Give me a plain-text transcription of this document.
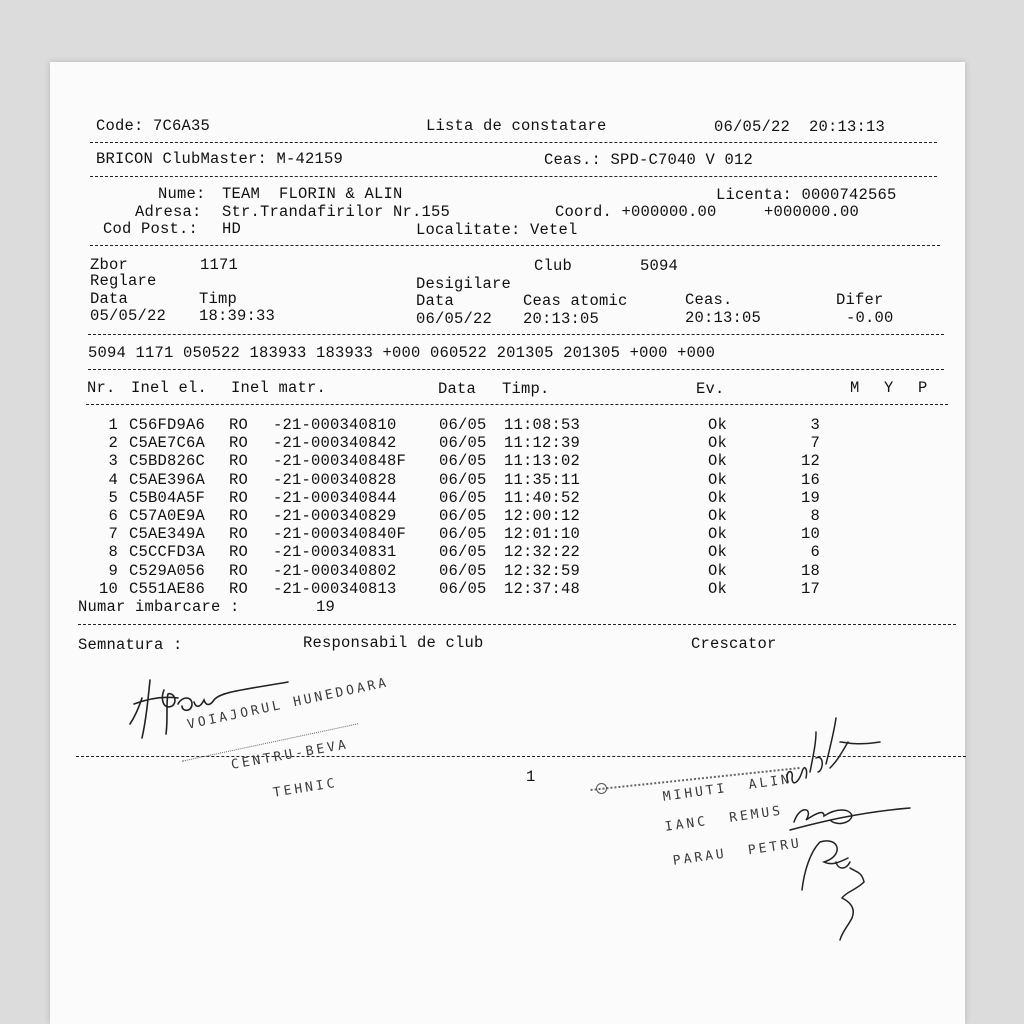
Code: 7C6A35	Lista de constatare	06/05/22  20:13:13
BRICON ClubMaster: M-42159	Ceas.: SPD-C7040 V 012
Nume: TEAM  FLORIN & ALIN	Licenta: 0000742565
Adresa: Str.Trandafirilor Nr.155	Coord. +000000.00     +000000.00
Cod Post.: HD	Localitate: Vetel
Zbor	1171	Club	5094
Reglare	Desigilare
Data	Timp	Data	Ceas atomic	Ceas.	Difer
05/05/22 18:39:33	06/05/22 20:13:05	20:13:05	-0.00
5094 1171 050522 183933 183933 +000 060522 201305 201305 +000 +000
Nr. Inel el. Inel matr.	Data Timp.	Ev.	M Y P
1 C56FD9A6 RO -21-000340810	06/05 11:08:53	Ok	3
2 C5AE7C6A RO -21-000340842	06/05 11:12:39	Ok	7
3 C5BD826C RO -21-000340848F 06/05 11:13:02	Ok	12
4 C5AE396A RO -21-000340828	06/05 11:35:11	Ok	16
5 C5B04A5F RO -21-000340844	06/05 11:40:52	Ok	19
6 C57A0E9A RO -21-000340829	06/05 12:00:12	Ok	8
7 C5AE349A RO -21-000340840F 06/05 12:01:10	Ok	10
8 C5CCFD3A RO -21-000340831	06/05 12:32:22	Ok	6
9 C529A056 RO -21-000340802	06/05 12:32:59	Ok	18
10 C551AE86 RO -21-000340813	06/05 12:37:48	Ok	17
Numar imbarcare :	19
Semnatura :	Responsabil de club	Crescator
1
VOIAJORUL HUNEDOARA
CENTRU-BEVA
TEHNIC	MIHUTI  ALIN
IANC  REMUS
PARAU  PETRU
